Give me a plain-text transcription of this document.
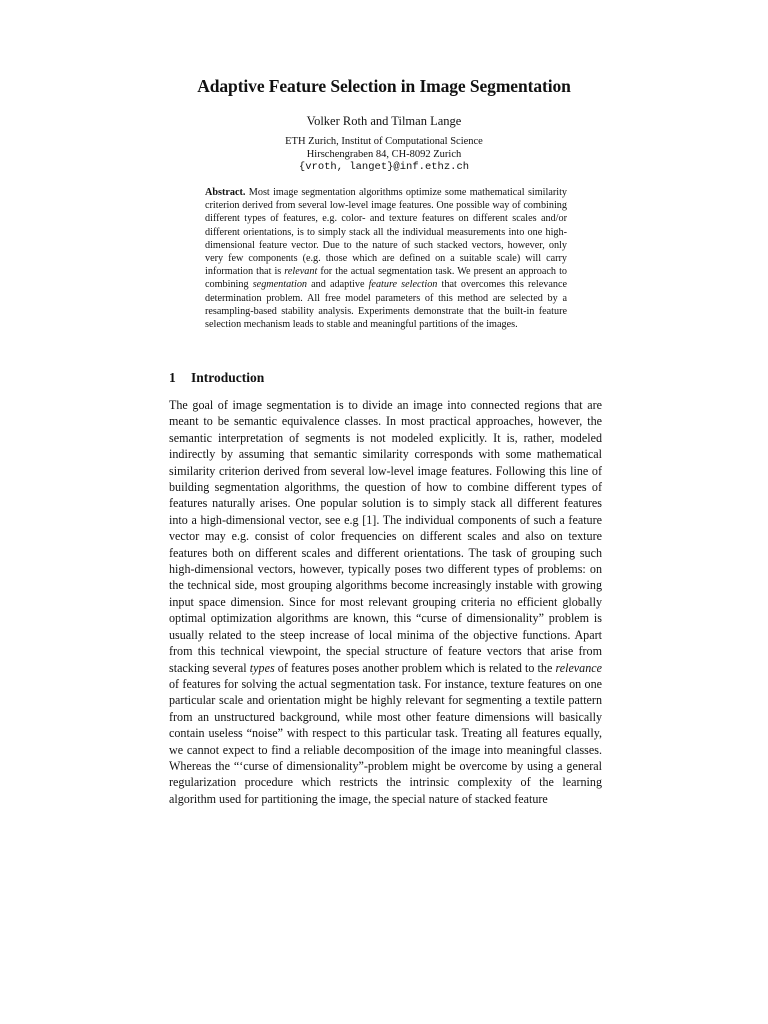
Adaptive Feature Selection in Image Segmentation
Volker Roth and Tilman Lange
ETH Zurich, Institut of Computational Science
Hirschengraben 84, CH-8092 Zurich
{vroth, langet}@inf.ethz.ch
Abstract. Most image segmentation algorithms optimize some mathematical similarity criterion derived from several low-level image features. One possible way of combining different types of features, e.g. color- and texture features on different scales and/or different orientations, is to simply stack all the individual measurements into one high-dimensional feature vector. Due to the nature of such stacked vectors, however, only very few components (e.g. those which are defined on a suitable scale) will carry information that is relevant for the actual segmentation task. We present an approach to combining segmentation and adaptive feature selection that overcomes this relevance determination problem. All free model parameters of this method are selected by a resampling-based stability analysis. Experiments demonstrate that the built-in feature selection mechanism leads to stable and meaningful partitions of the images.
1 Introduction
The goal of image segmentation is to divide an image into connected regions that are meant to be semantic equivalence classes. In most practical approaches, however, the semantic interpretation of segments is not modeled explicitly. It is, rather, modeled indirectly by assuming that semantic similarity corresponds with some mathematical similarity criterion derived from several low-level image features. Following this line of building segmentation algorithms, the question of how to combine different types of features naturally arises. One popular solution is to simply stack all different features into a high-dimensional vector, see e.g [1]. The individual components of such a feature vector may e.g. consist of color frequencies on different scales and also on texture features both on different scales and different orientations. The task of grouping such high-dimensional vectors, however, typically poses two different types of problems: on the technical side, most grouping algorithms become increasingly instable with growing input space dimension. Since for most relevant grouping criteria no efficient globally optimal optimization algorithms are known, this “curse of dimensionality” problem is usually related to the steep increase of local minima of the objective functions. Apart from this technical viewpoint, the special structure of feature vectors that arise from stacking several types of features poses another problem which is related to the relevance of features for solving the actual segmentation task. For instance, texture features on one particular scale and orientation might be highly relevant for segmenting a textile pattern from an unstructured background, while most other feature dimensions will basically contain useless “noise” with respect to this particular task. Treating all features equally, we cannot expect to find a reliable decomposition of the image into meaningful classes. Whereas the “‘curse of dimensionality”-problem might be overcome by using a general regularization procedure which restricts the intrinsic complexity of the learning algorithm used for partitioning the image, the special nature of stacked feature
